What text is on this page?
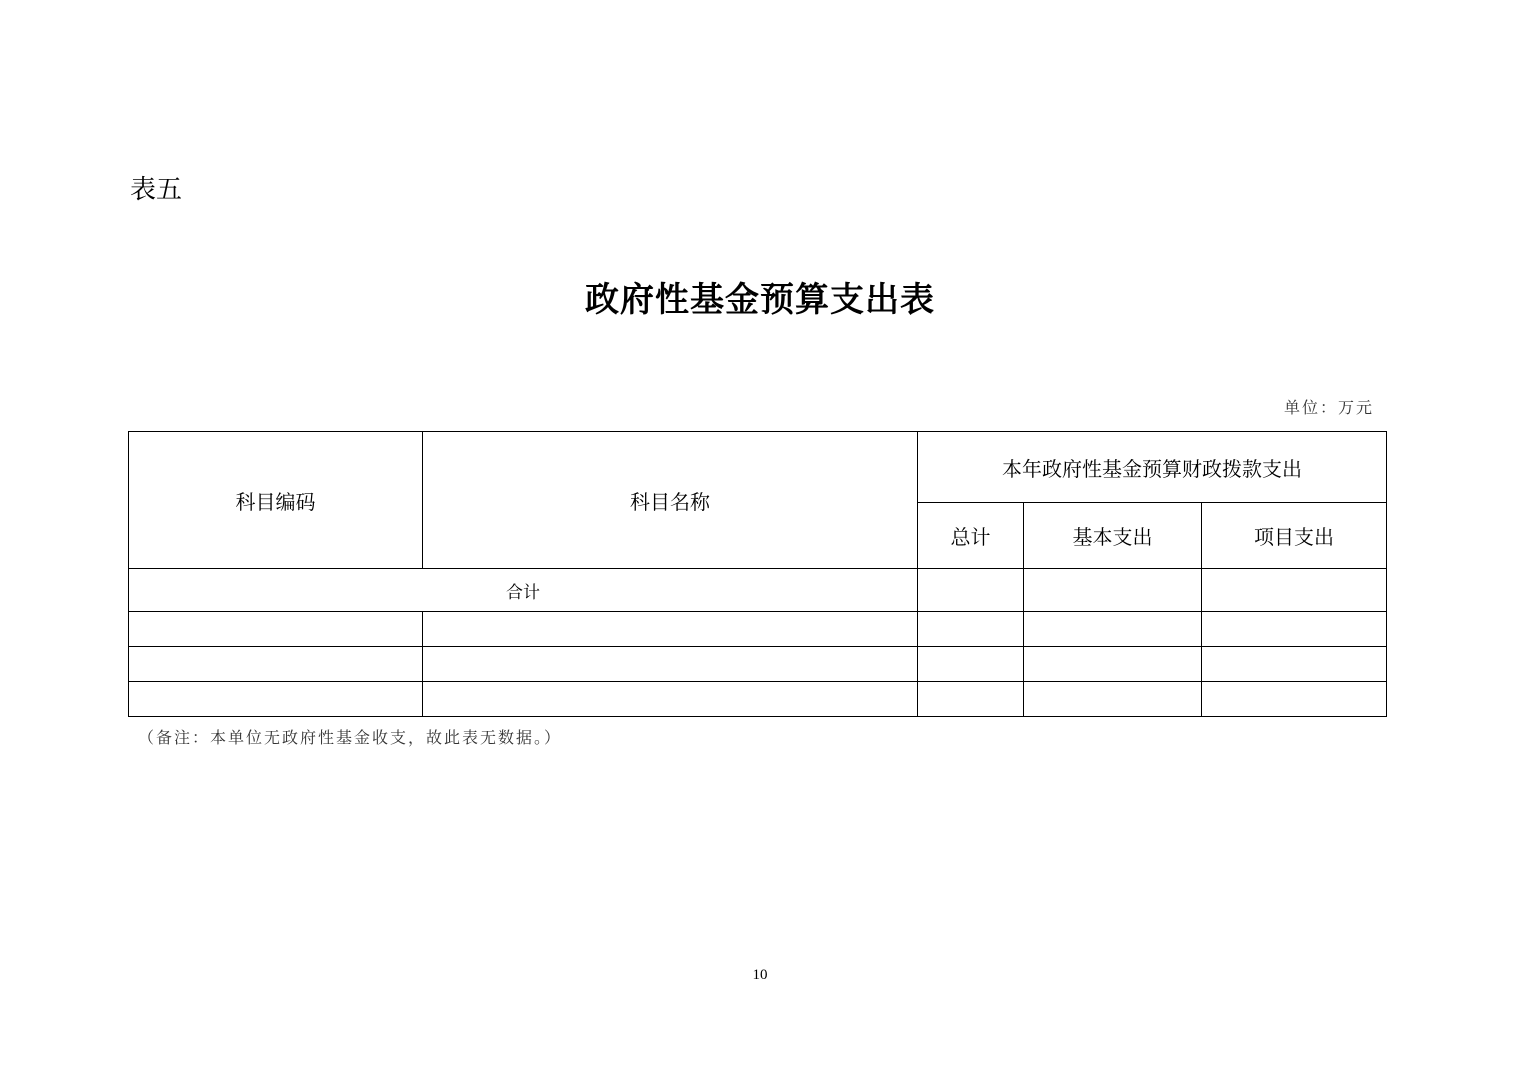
表五
政府性基金预算支出表
单位：万元
科目编码	科目名称	本年政府性基金预算财政拨款支出		
		总计	基本支出	项目支出
合计				

（备注：本单位无政府性基金收支，故此表无数据。）
10
